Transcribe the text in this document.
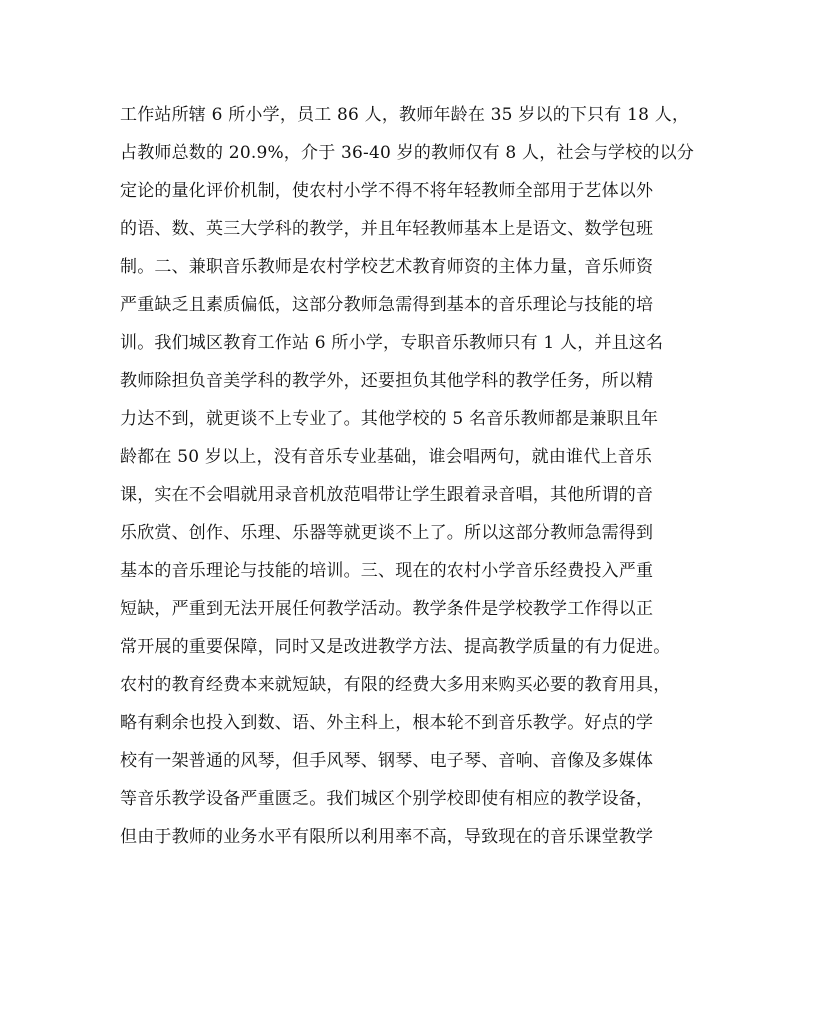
工作站所辖 6 所小学，员工 86 人，教师年龄在 35 岁以的下只有 18 人，
占教师总数的 20.9%，介于 36-40 岁的教师仅有 8 人，社会与学校的以分
定论的量化评价机制，使农村小学不得不将年轻教师全部用于艺体以外
的语、数、英三大学科的教学，并且年轻教师基本上是语文、数学包班
制。二、兼职音乐教师是农村学校艺术教育师资的主体力量，音乐师资
严重缺乏且素质偏低，这部分教师急需得到基本的音乐理论与技能的培
训。我们城区教育工作站 6 所小学，专职音乐教师只有 1 人，并且这名
教师除担负音美学科的教学外，还要担负其他学科的教学任务，所以精
力达不到，就更谈不上专业了。其他学校的 5 名音乐教师都是兼职且年
龄都在 50 岁以上，没有音乐专业基础，谁会唱两句，就由谁代上音乐
课，实在不会唱就用录音机放范唱带让学生跟着录音唱，其他所谓的音
乐欣赏、创作、乐理、乐器等就更谈不上了。所以这部分教师急需得到
基本的音乐理论与技能的培训。三、现在的农村小学音乐经费投入严重
短缺，严重到无法开展任何教学活动。教学条件是学校教学工作得以正
常开展的重要保障，同时又是改进教学方法、提高教学质量的有力促进。
农村的教育经费本来就短缺，有限的经费大多用来购买必要的教育用具，
略有剩余也投入到数、语、外主科上，根本轮不到音乐教学。好点的学
校有一架普通的风琴，但手风琴、钢琴、电子琴、音响、音像及多媒体
等音乐教学设备严重匮乏。我们城区个别学校即使有相应的教学设备，
但由于教师的业务水平有限所以利用率不高，导致现在的音乐课堂教学
